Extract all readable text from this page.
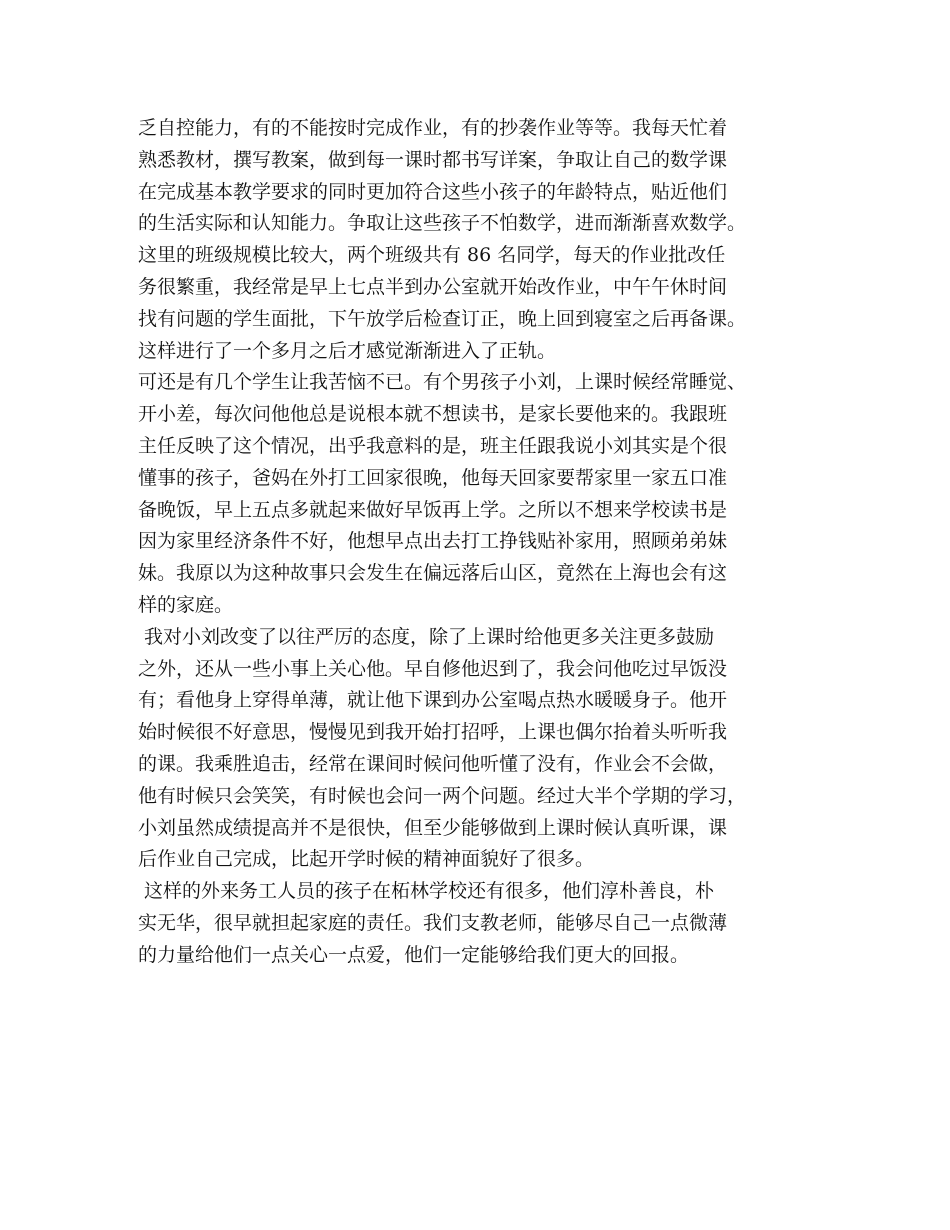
乏自控能力，有的不能按时完成作业，有的抄袭作业等等。我每天忙着
熟悉教材，撰写教案，做到每一课时都书写详案，争取让自己的数学课
在完成基本教学要求的同时更加符合这些小孩子的年龄特点，贴近他们
的生活实际和认知能力。争取让这些孩子不怕数学，进而渐渐喜欢数学。
这里的班级规模比较大，两个班级共有 86 名同学，每天的作业批改任
务很繁重，我经常是早上七点半到办公室就开始改作业，中午午休时间
找有问题的学生面批，下午放学后检查订正，晚上回到寝室之后再备课。
这样进行了一个多月之后才感觉渐渐进入了正轨。
可还是有几个学生让我苦恼不已。有个男孩子小刘，上课时候经常睡觉、
开小差，每次问他他总是说根本就不想读书，是家长要他来的。我跟班
主任反映了这个情况，出乎我意料的是，班主任跟我说小刘其实是个很
懂事的孩子，爸妈在外打工回家很晚，他每天回家要帮家里一家五口准
备晚饭，早上五点多就起来做好早饭再上学。之所以不想来学校读书是
因为家里经济条件不好，他想早点出去打工挣钱贴补家用，照顾弟弟妹
妹。我原以为这种故事只会发生在偏远落后山区，竟然在上海也会有这
样的家庭。
我对小刘改变了以往严厉的态度，除了上课时给他更多关注更多鼓励
之外，还从一些小事上关心他。早自修他迟到了，我会问他吃过早饭没
有；看他身上穿得单薄，就让他下课到办公室喝点热水暖暖身子。他开
始时候很不好意思，慢慢见到我开始打招呼，上课也偶尔抬着头听听我
的课。我乘胜追击，经常在课间时候问他听懂了没有，作业会不会做，
他有时候只会笑笑，有时候也会问一两个问题。经过大半个学期的学习，
小刘虽然成绩提高并不是很快，但至少能够做到上课时候认真听课，课
后作业自己完成，比起开学时候的精神面貌好了很多。
这样的外来务工人员的孩子在柘林学校还有很多，他们淳朴善良，朴
实无华，很早就担起家庭的责任。我们支教老师，能够尽自己一点微薄
的力量给他们一点关心一点爱，他们一定能够给我们更大的回报。
